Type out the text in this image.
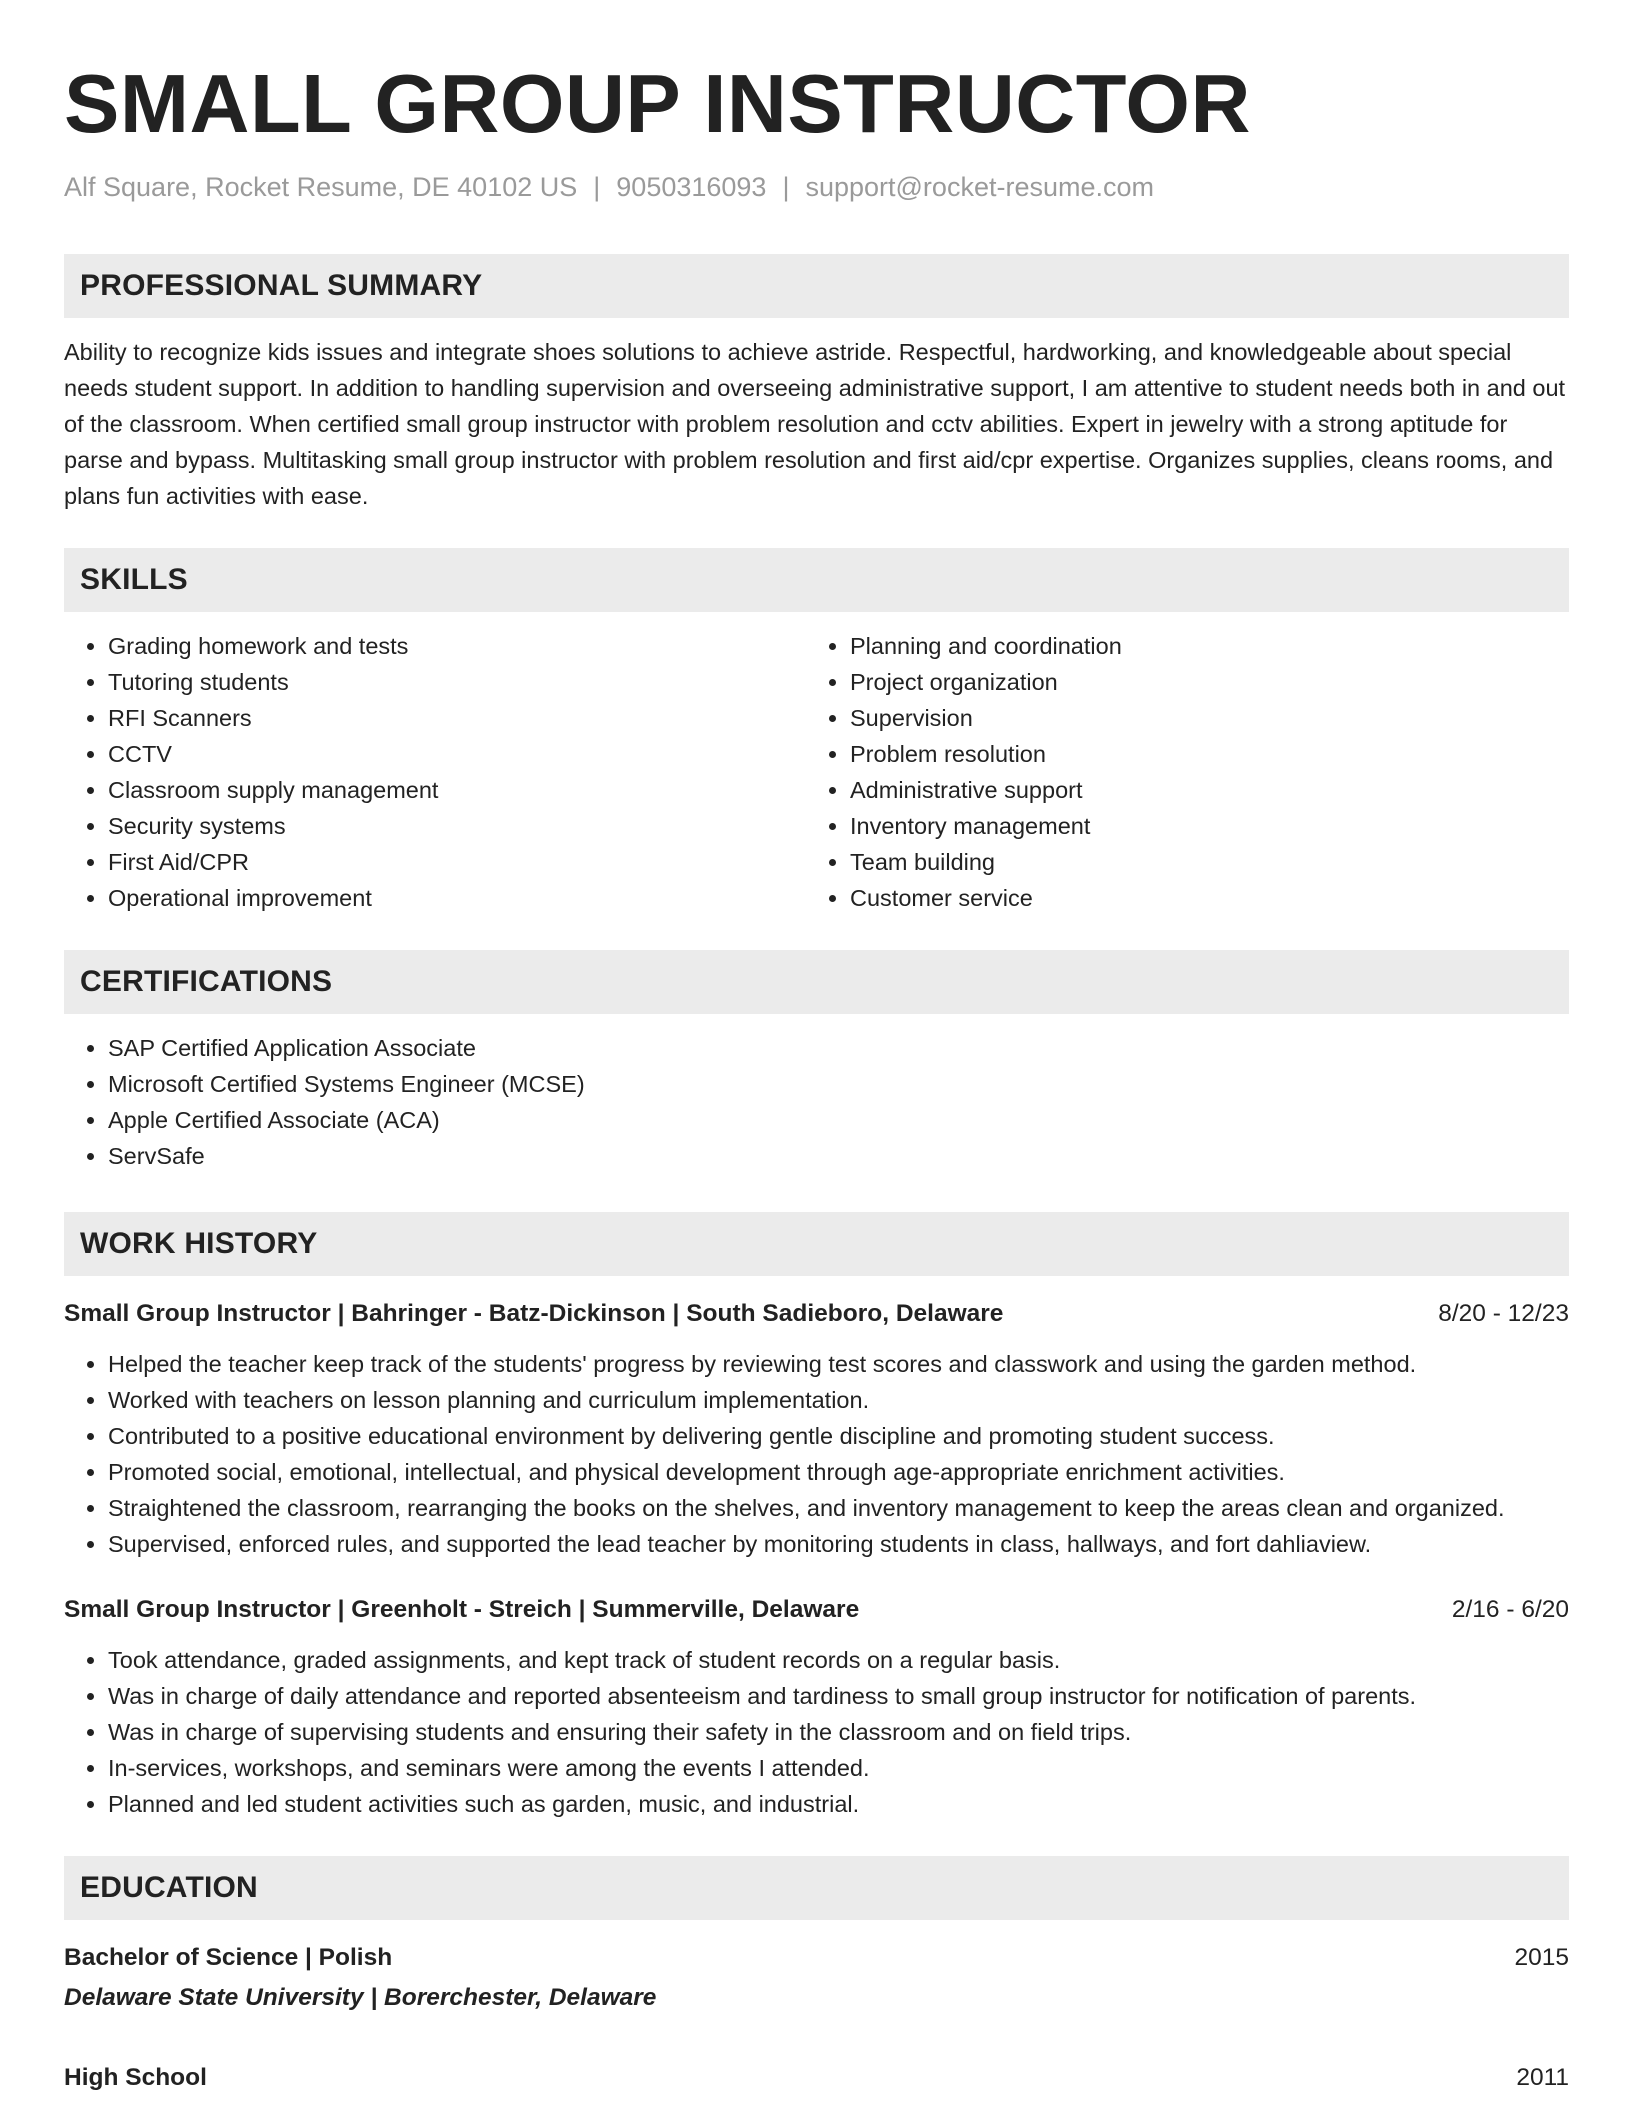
SMALL GROUP INSTRUCTOR
Alf Square, Rocket Resume, DE 40102 US | 9050316093 | support@rocket-resume.com
PROFESSIONAL SUMMARY

Ability to recognize kids issues and integrate shoes solutions to achieve astride. Respectful, hardworking, and knowledgeable about special needs student support. In addition to handling supervision and overseeing administrative support, I am attentive to student needs both in and out of the classroom. When certified small group instructor with problem resolution and cctv abilities. Expert in jewelry with a strong aptitude for parse and bypass. Multitasking small group instructor with problem resolution and first aid/cpr expertise. Organizes supplies, cleans rooms, and plans fun activities with ease.

SKILLS
• Grading homework and tests
• Tutoring students
• RFI Scanners
• CCTV
• Classroom supply management
• Security systems
• First Aid/CPR
• Operational improvement
• Planning and coordination
• Project organization
• Supervision
• Problem resolution
• Administrative support
• Inventory management
• Team building
• Customer service
CERTIFICATIONS
• SAP Certified Application Associate
• Microsoft Certified Systems Engineer (MCSE)
• Apple Certified Associate (ACA)
• ServSafe
WORK HISTORY
Small Group Instructor | Bahringer - Batz-Dickinson | South Sadieboro, Delaware	8/20 - 12/23
• Helped the teacher keep track of the students' progress by reviewing test scores and classwork and using the garden method.
• Worked with teachers on lesson planning and curriculum implementation.
• Contributed to a positive educational environment by delivering gentle discipline and promoting student success.
• Promoted social, emotional, intellectual, and physical development through age-appropriate enrichment activities.
• Straightened the classroom, rearranging the books on the shelves, and inventory management to keep the areas clean and organized.
• Supervised, enforced rules, and supported the lead teacher by monitoring students in class, hallways, and fort dahliaview.
Small Group Instructor | Greenholt - Streich | Summerville, Delaware	2/16 - 6/20
• Took attendance, graded assignments, and kept track of student records on a regular basis.
• Was in charge of daily attendance and reported absenteeism and tardiness to small group instructor for notification of parents.
• Was in charge of supervising students and ensuring their safety in the classroom and on field trips.
• In-services, workshops, and seminars were among the events I attended.
• Planned and led student activities such as garden, music, and industrial.
EDUCATION
Bachelor of Science | Polish	2015
Delaware State University | Borerchester, Delaware
High School	2011
